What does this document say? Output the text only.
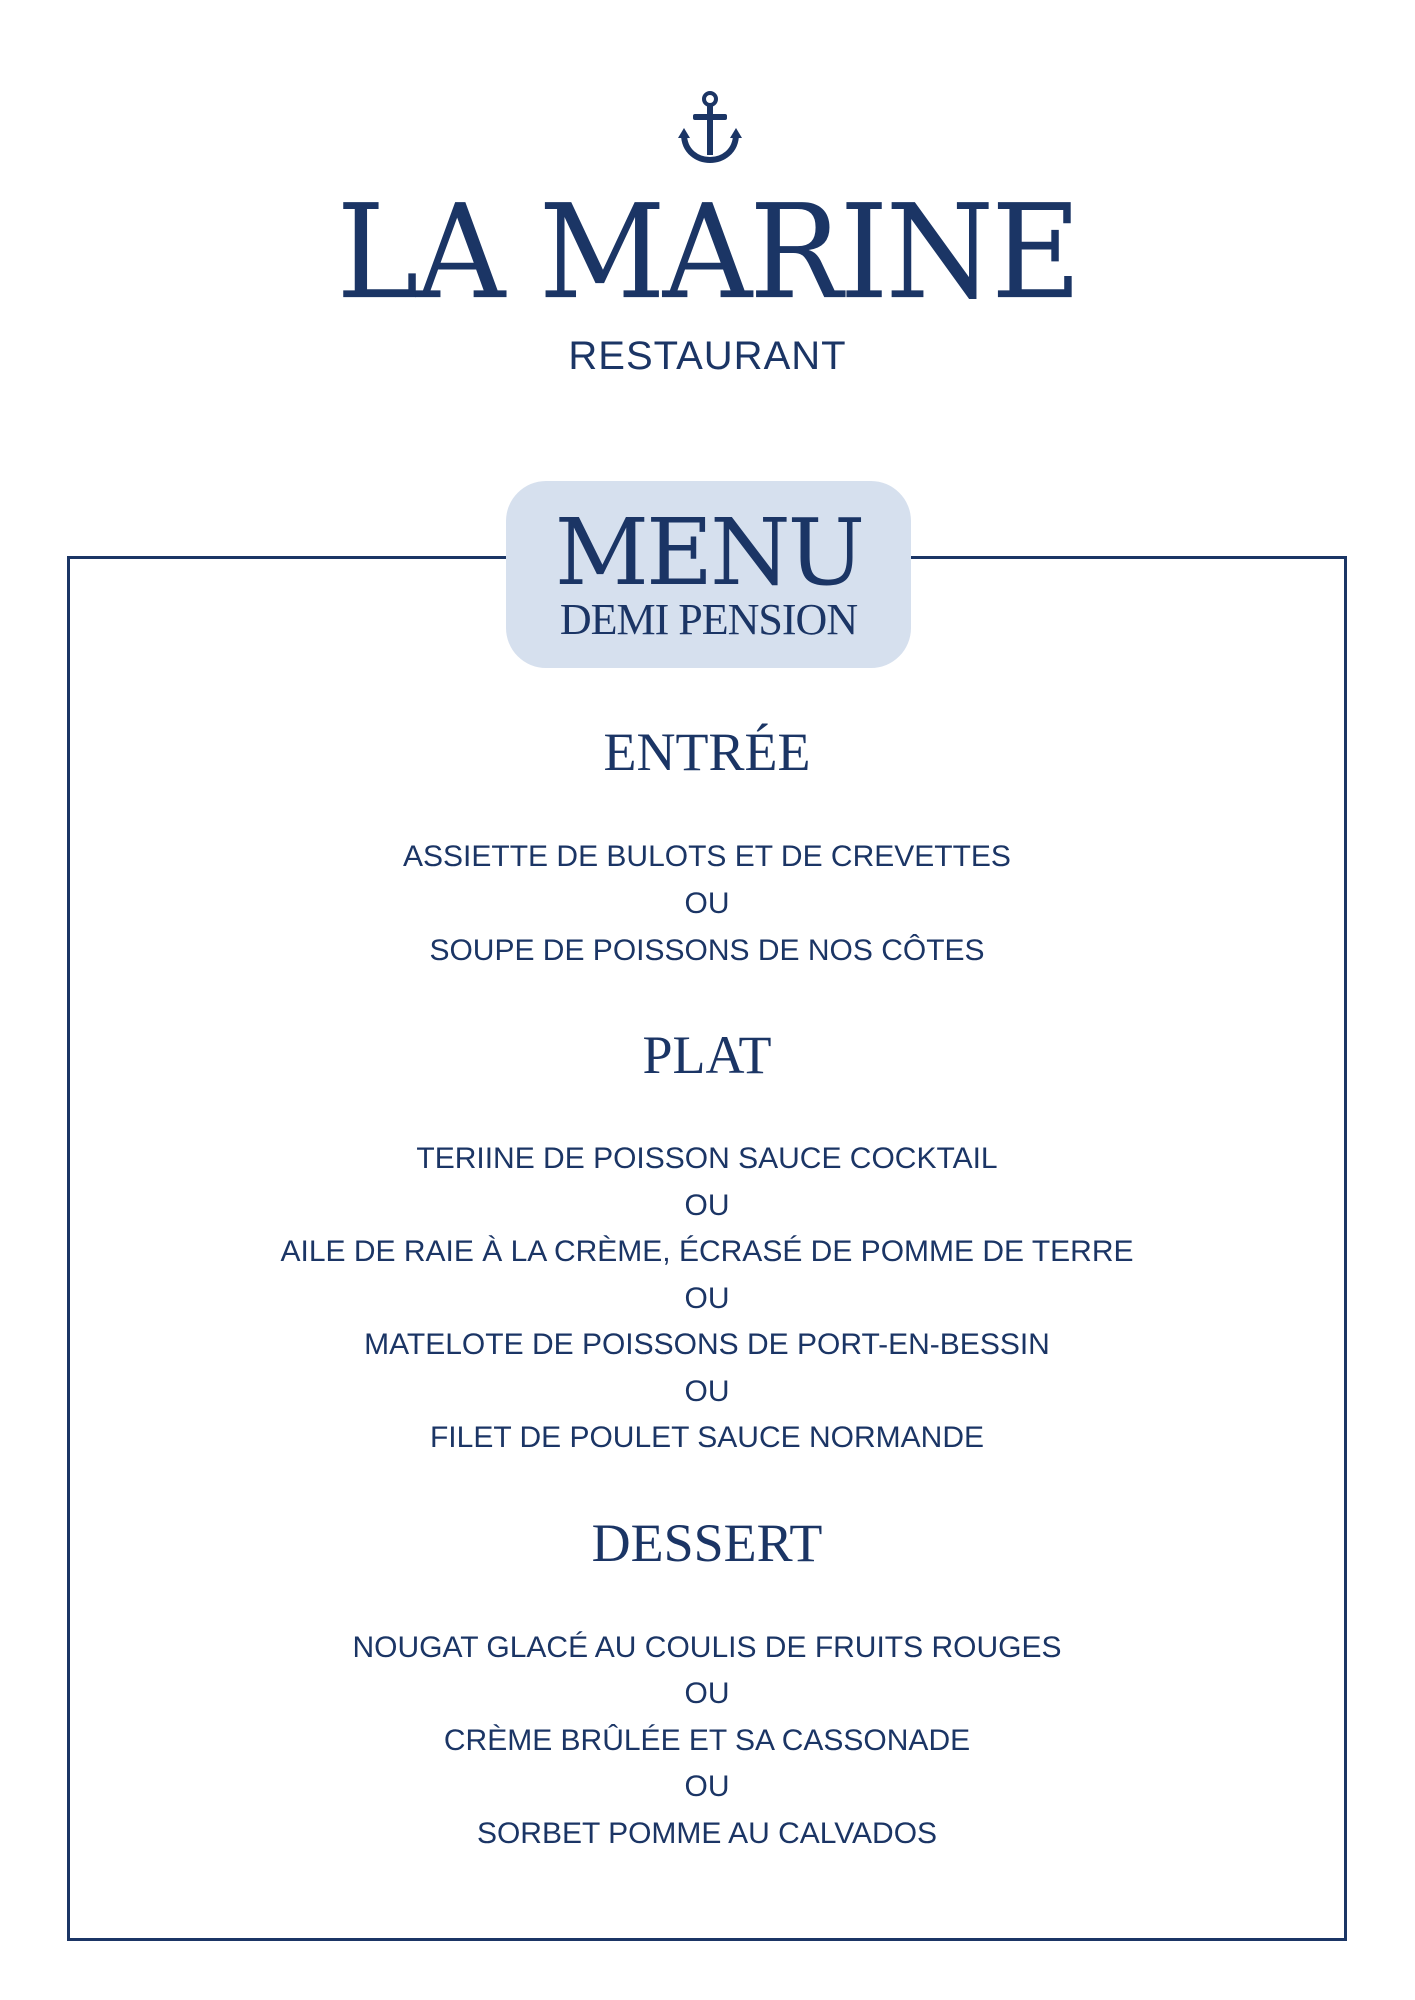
LA MARINE
RESTAURANT
MENU
DEMI PENSION
ENTRÉE
ASSIETTE DE BULOTS ET DE CREVETTES
OU
SOUPE DE POISSONS DE NOS CÔTES
PLAT
TERIINE DE POISSON SAUCE COCKTAIL
OU
AILE DE RAIE À LA CRÈME, ÉCRASÉ DE POMME DE TERRE
OU
MATELOTE DE POISSONS DE PORT-EN-BESSIN
OU
FILET DE POULET SAUCE NORMANDE
DESSERT
NOUGAT GLACÉ AU COULIS DE FRUITS ROUGES
OU
CRÈME BRÛLÉE ET SA CASSONADE
OU
SORBET POMME AU CALVADOS
